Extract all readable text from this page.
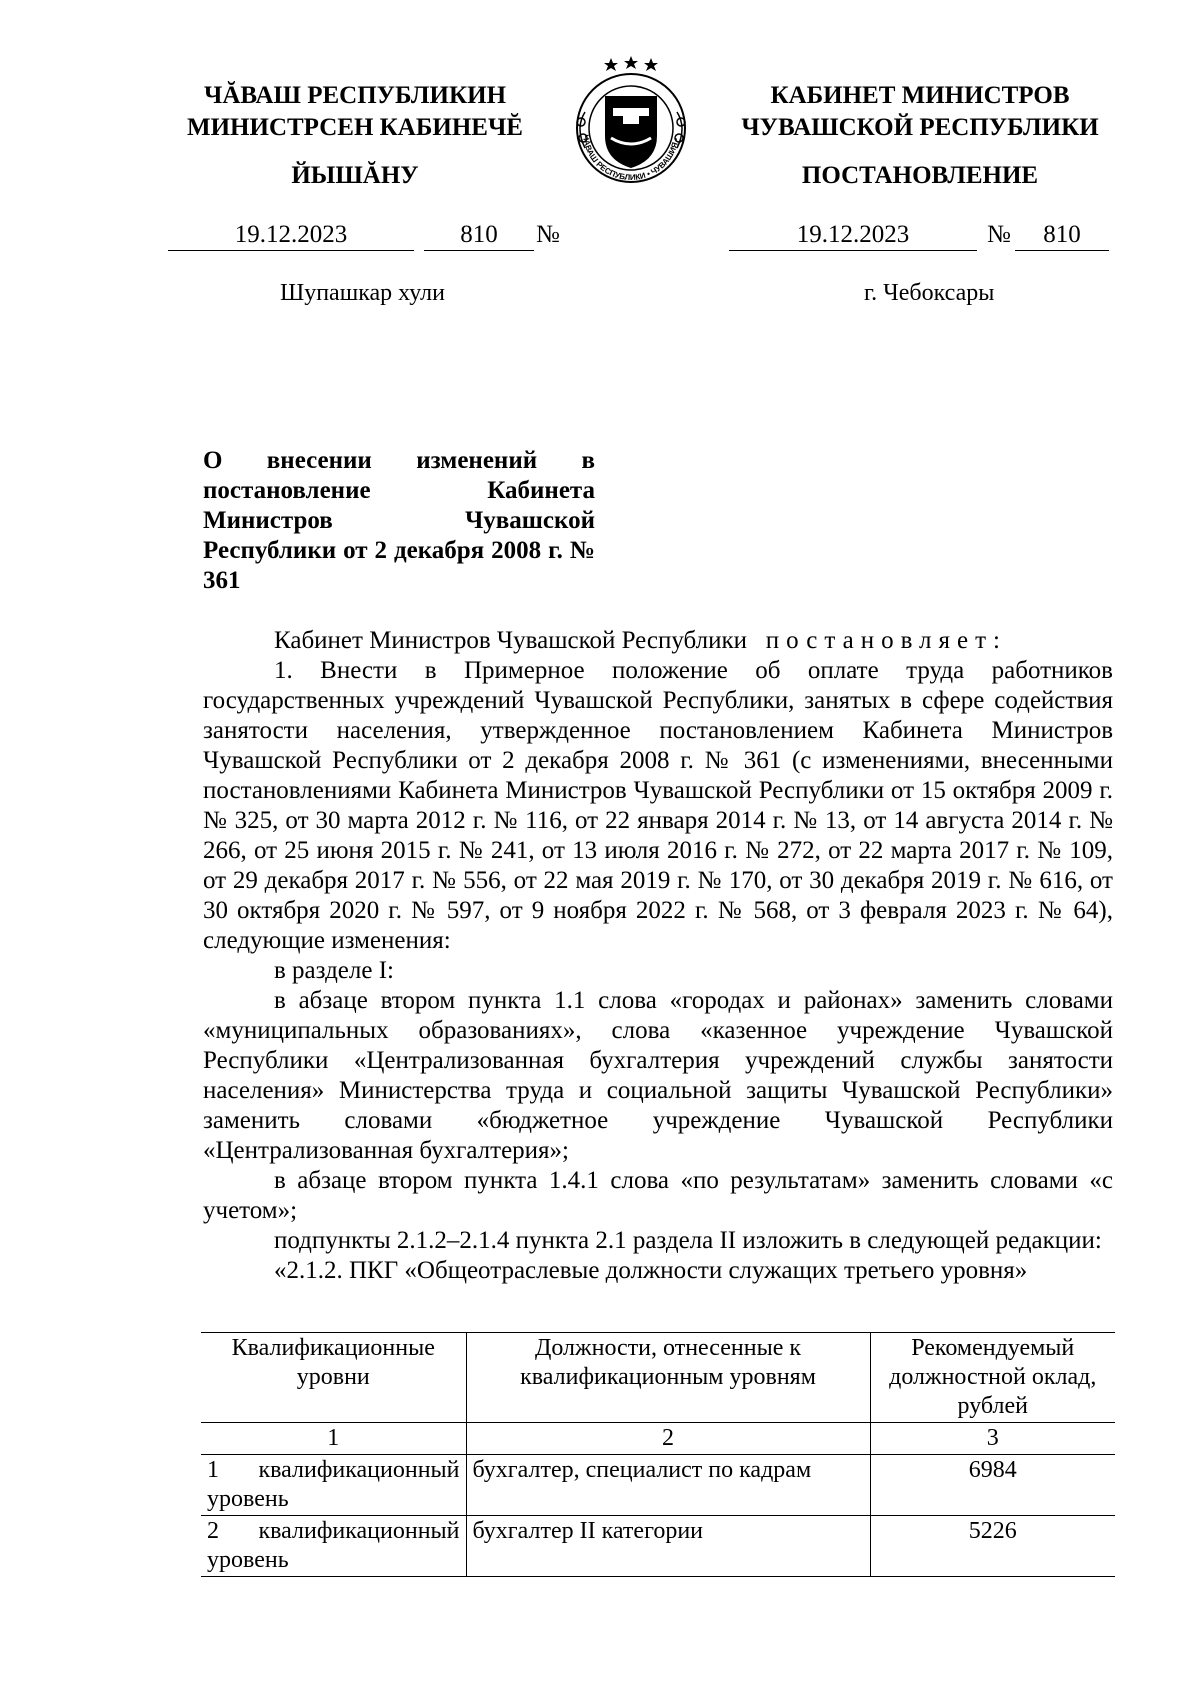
ЧĂВАШ РЕСПУБЛИКИН
МИНИСТРСЕН КАБИНЕЧĔ
ЙЫШĂНУ
ЧĂВАШ РЕСПУБЛИКИ • ЧУВАШИЯ •
КАБИНЕТ МИНИСТРОВ
ЧУВАШСКОЙ РЕСПУБЛИКИ
ПОСТАНОВЛЕНИЕ
19.12.2023	810	№	19.12.2023	№	810
Шупашкар хули	г. Чебоксары
О внесении изменений в постановление Кабинета Министров Чувашской Республики от 2 декабря 2008 г. № 361

Кабинет Министров Чувашской Республики постановляет:

1. Внести в Примерное положение об оплате труда работников государственных учреждений Чувашской Республики, занятых в сфере содействия занятости населения, утвержденное постановлением Кабинета Министров Чувашской Республики от 2 декабря 2008 г. № 361 (с изменениями, внесенными постановлениями Кабинета Министров Чувашской Республики от 15 октября 2009 г. № 325, от 30 марта 2012 г. № 116, от 22 января 2014 г. № 13, от 14 августа 2014 г. № 266, от 25 июня 2015 г. № 241, от 13 июля 2016 г. № 272, от 22 марта 2017 г. № 109, от 29 декабря 2017 г. № 556, от 22 мая 2019 г. № 170, от 30 декабря 2019 г. № 616, от 30 октября 2020 г. № 597, от 9 ноября 2022 г. № 568, от 3 февраля 2023 г. № 64), следующие изменения:

в разделе I:

в абзаце втором пункта 1.1 слова «городах и районах» заменить словами «муниципальных образованиях», слова «казенное учреждение Чувашской Республики «Централизованная бухгалтерия учреждений службы занятости населения» Министерства труда и социальной защиты Чувашской Республики» заменить словами «бюджетное учреждение Чувашской Республики «Централизованная бухгалтерия»;

в абзаце втором пункта 1.4.1 слова «по результатам» заменить словами «с учетом»;

подпункты 2.1.2–2.1.4 пункта 2.1 раздела II изложить в следующей редакции:

«2.1.2. ПКГ «Общеотраслевые должности служащих третьего уровня»

Квалификационные уровни	Должности, отнесенные к квалификационным уровням	Рекомендуемый должностной оклад, рублей
1	2	3
1 квалификационный уровень	бухгалтер, специалист по кадрам	6984
2 квалификационный уровень	бухгалтер II категории	5226
